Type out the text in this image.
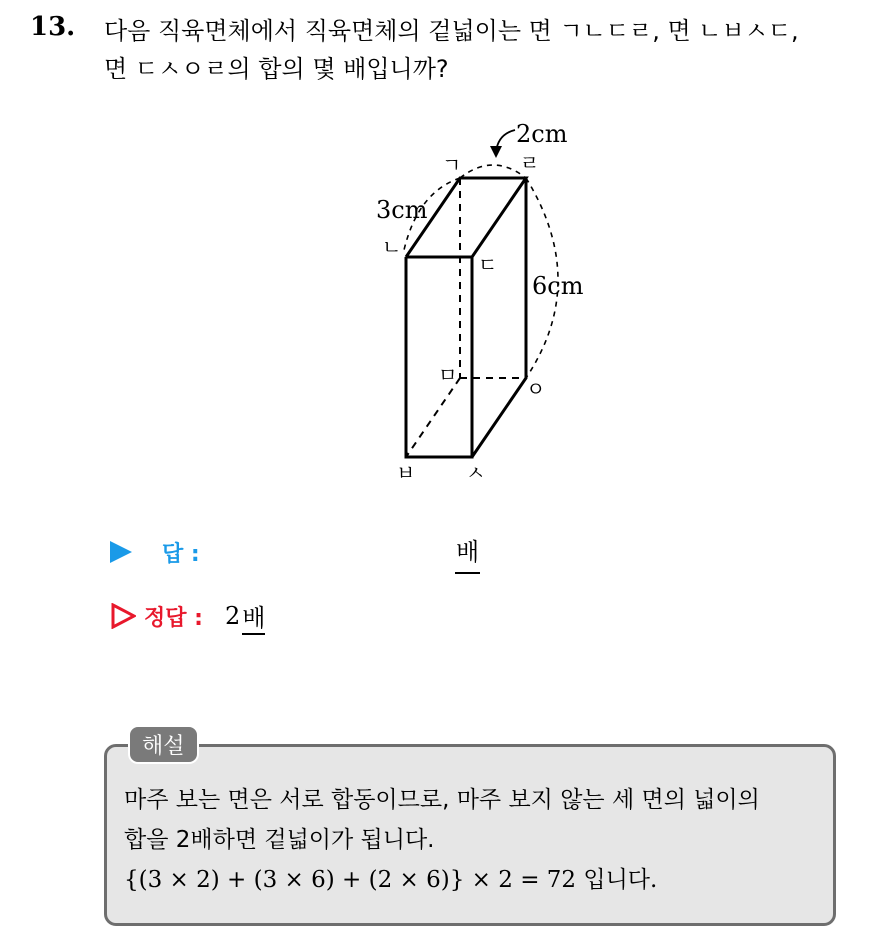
13. 다음 직육면체에서 직육면체의 겉넓이는 면 ㄱㄴㄷㄹ, 면 ㄴㅂㅅㄷ,
면 ㄷㅅㅇㄹ의 합의 몇 배입니까?
ㄱ	ㄹ
ㄴ
ㄷ
ㅁ
ㅇ
ㅂ	ㅅ
2cm
3cm
6cm
답 :	배
정답 : 2 배
해설
마주 보는 면은 서로 합동이므로, 마주 보지 않는 세 면의 넓이의
합을 2배하면 겉넓이가 됩니다.
{(3 × 2) + (3 × 6) + (2 × 6)} × 2 = 72 입니다.
